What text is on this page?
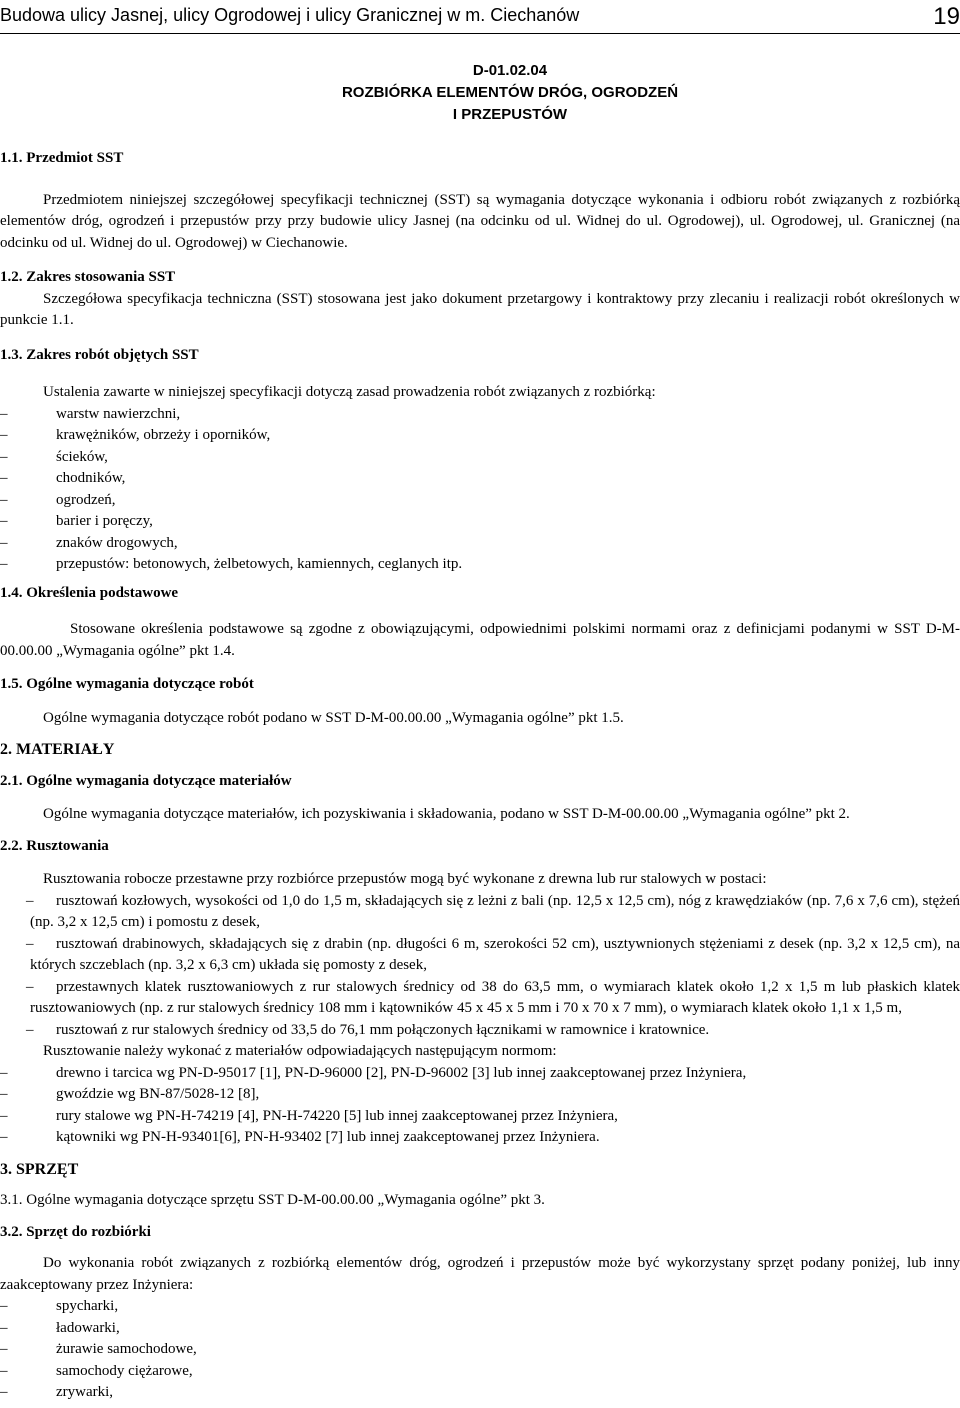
Budowa ulicy Jasnej, ulicy Ogrodowej i ulicy Granicznej w m. Ciechanów	19
D-01.02.04
ROZBIÓRKA ELEMENTÓW DRÓG, OGRODZEŃ
I PRZEPUSTÓW

1.1. Przedmiot SST

Przedmiotem niniejszej szczegółowej specyfikacji technicznej (SST) są wymagania dotyczące wykonania i odbioru robót związanych z rozbiórką elementów dróg, ogrodzeń i przepustów przy przy budowie ulicy Jasnej (na odcinku od ul. Widnej do ul. Ogrodowej), ul. Ogrodowej, ul. Granicznej (na odcinku od ul. Widnej do ul. Ogrodowej) w Ciechanowie.

1.2. Zakres stosowania SST

Szczegółowa specyfikacja techniczna (SST) stosowana jest jako dokument przetargowy i kontraktowy przy zlecaniu i realizacji robót określonych w punkcie 1.1.

1.3. Zakres robót objętych SST

Ustalenia zawarte w niniejszej specyfikacji dotyczą zasad prowadzenia robót związanych z rozbiórką:

– warstw nawierzchni,
– krawężników, obrzeży i oporników,
– ścieków,
– chodników,
– ogrodzeń,
– barier i poręczy,
– znaków drogowych,
– przepustów: betonowych, żelbetowych, kamiennych, ceglanych itp.

1.4. Określenia podstawowe

Stosowane określenia podstawowe są zgodne z obowiązującymi, odpowiednimi polskimi normami oraz z definicjami podanymi w SST D-M-00.00.00 „Wymagania ogólne” pkt 1.4.

1.5. Ogólne wymagania dotyczące robót

Ogólne wymagania dotyczące robót podano w SST D-M-00.00.00 „Wymagania ogólne” pkt 1.5.

2. MATERIAŁY

2.1. Ogólne wymagania dotyczące materiałów

Ogólne wymagania dotyczące materiałów, ich pozyskiwania i składowania, podano w SST D-M-00.00.00 „Wymagania ogólne” pkt 2.

2.2. Rusztowania

Rusztowania robocze przestawne przy rozbiórce przepustów mogą być wykonane z drewna lub rur stalowych w postaci:

– rusztowań kozłowych, wysokości od 1,0 do 1,5 m, składających się z leżni z bali (np. 12,5 x 12,5 cm), nóg z krawędziaków (np. 7,6 x 7,6 cm), stężeń (np. 3,2 x 12,5 cm) i pomostu z desek,
– rusztowań drabinowych, składających się z drabin (np. długości 6 m, szerokości 52 cm), usztywnionych stężeniami z desek (np. 3,2 x 12,5 cm), na których szczeblach (np. 3,2 x 6,3 cm) układa się pomosty z desek,
– przestawnych klatek rusztowaniowych z rur stalowych średnicy od 38 do 63,5 mm, o wymiarach klatek około 1,2 x 1,5 m lub płaskich klatek rusztowaniowych (np. z rur stalowych średnicy 108 mm i kątowników 45 x 45 x 5 mm i 70 x 70 x 7 mm), o wymiarach klatek około 1,1 x 1,5 m,
– rusztowań z rur stalowych średnicy od 33,5 do 76,1 mm połączonych łącznikami w ramownice i kratownice.

Rusztowanie należy wykonać z materiałów odpowiadających następującym normom:

– drewno i tarcica wg PN-D-95017 [1], PN-D-96000 [2], PN-D-96002 [3] lub innej zaakceptowanej przez Inżyniera,
– gwoździe wg BN-87/5028-12 [8],
– rury stalowe wg PN-H-74219 [4], PN-H-74220 [5] lub innej zaakceptowanej przez Inżyniera,
– kątowniki wg PN-H-93401[6], PN-H-93402 [7] lub innej zaakceptowanej przez Inżyniera.

3. SPRZĘT

3.1. Ogólne wymagania dotyczące sprzętu SST D-M-00.00.00 „Wymagania ogólne” pkt 3.

3.2. Sprzęt do rozbiórki

Do wykonania robót związanych z rozbiórką elementów dróg, ogrodzeń i przepustów może być wykorzystany sprzęt podany poniżej, lub inny zaakceptowany przez Inżyniera:

– spycharki,
– ładowarki,
– żurawie samochodowe,
– samochody ciężarowe,
– zrywarki,
